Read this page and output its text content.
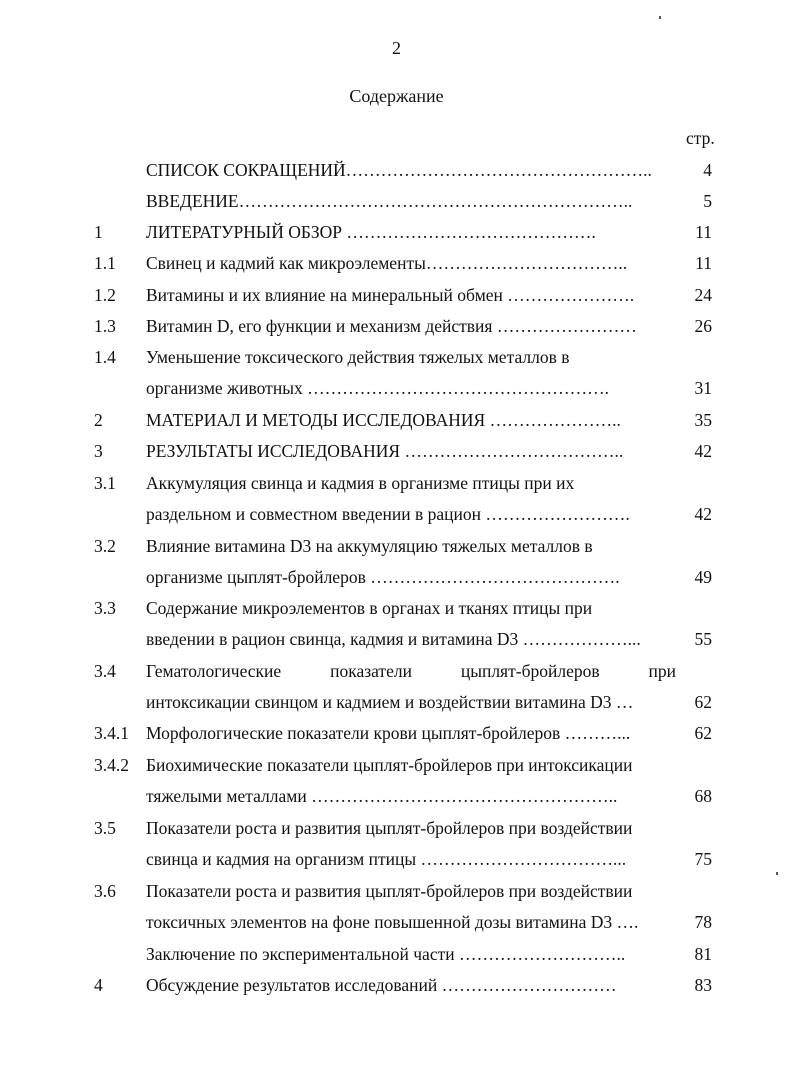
2
Содержание
стр.
СПИСОК СОКРАЩЕНИЙ……………………………………………..	4
ВВЕДЕНИЕ…………………………………………………………..	5
1 ЛИТЕРАТУРНЫЙ ОБЗОР …………………………………….	11
1.1 Свинец и кадмий как микроэлементы……………………………..	11
1.2 Витамины и их влияние на минеральный обмен ………………….	24
1.3 Витамин D, его функции и механизм действия ……………………	26
1.4 Уменьшение токсического действия тяжелых металлов в
организме животных …………………………………………….	31
2 МАТЕРИАЛ И МЕТОДЫ ИССЛЕДОВАНИЯ …………………..	35
3 РЕЗУЛЬТАТЫ ИССЛЕДОВАНИЯ ………………………………..	42
3.1 Аккумуляция свинца и кадмия в организме птицы при их
раздельном и совместном введении в рацион …………………….	42
3.2 Влияние витамина D3 на аккумуляцию тяжелых металлов в
организме цыплят-бройлеров …………………………………….	49
3.3 Содержание микроэлементов в органах и тканях птицы при
введении в рацион свинца, кадмия и витамина D3 ………………...	55
3.4 Гематологические показатели цыплят-бройлеров при
интоксикации свинцом и кадмием и воздействии витамина D3 …	62
3.4.1 Морфологические показатели крови цыплят-бройлеров ………...	62
3.4.2 Биохимические показатели цыплят-бройлеров при интоксикации
тяжелыми металлами ……………………………………………..	68
3.5 Показатели роста и развития цыплят-бройлеров при воздействии
свинца и кадмия на организм птицы ……………………………...	75
3.6 Показатели роста и развития цыплят-бройлеров при воздействии
токсичных элементов на фоне повышенной дозы витамина D3 ….	78
Заключение по экспериментальной части ………………………..	81
4 Обсуждение результатов исследований …………………………	83
